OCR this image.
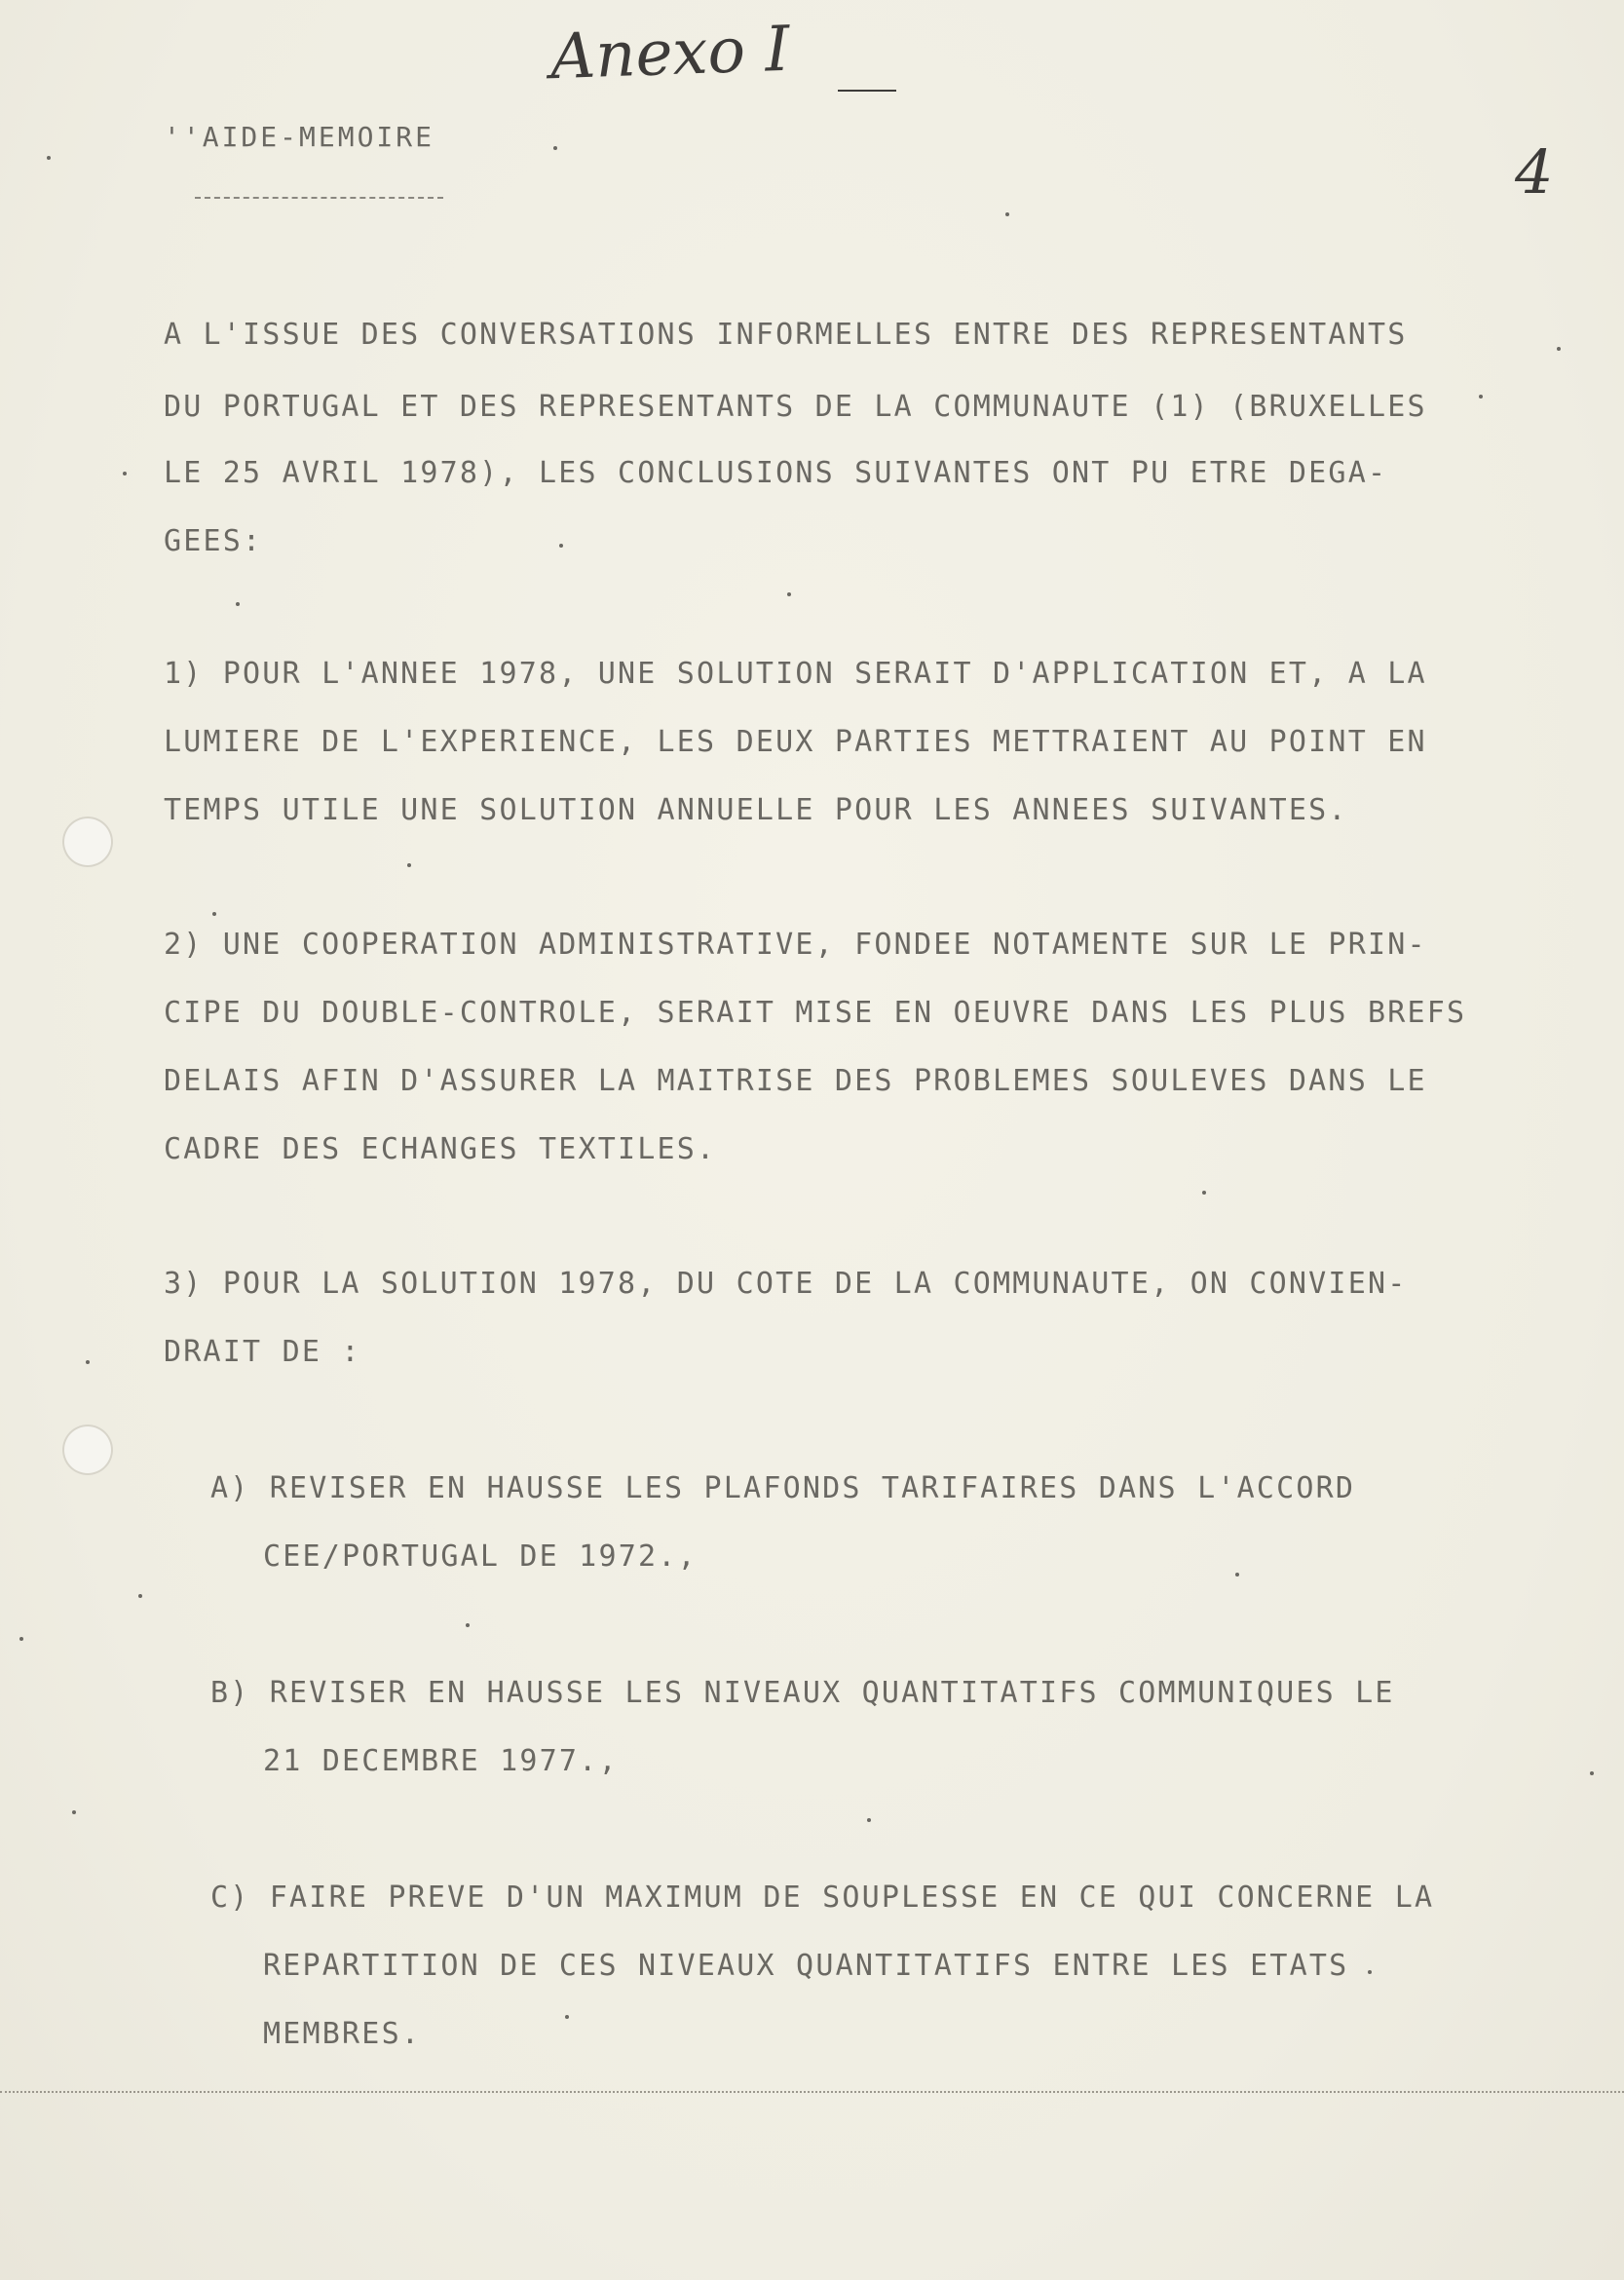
Anexo I
4
''AIDE-MEMOIRE
A L'ISSUE DES CONVERSATIONS INFORMELLES ENTRE DES REPRESENTANTS
DU PORTUGAL ET DES REPRESENTANTS DE LA COMMUNAUTE (1) (BRUXELLES
LE 25 AVRIL 1978), LES CONCLUSIONS SUIVANTES ONT PU ETRE DEGA-
GEES:
1) POUR L'ANNEE 1978, UNE SOLUTION SERAIT D'APPLICATION ET, A LA
LUMIERE DE L'EXPERIENCE, LES DEUX PARTIES METTRAIENT AU POINT EN
TEMPS UTILE UNE SOLUTION ANNUELLE POUR LES ANNEES SUIVANTES.
2) UNE COOPERATION ADMINISTRATIVE, FONDEE NOTAMENTE SUR LE PRIN-
CIPE DU DOUBLE-CONTROLE, SERAIT MISE EN OEUVRE DANS LES PLUS BREFS
DELAIS AFIN D'ASSURER LA MAITRISE DES PROBLEMES SOULEVES DANS LE
CADRE DES ECHANGES TEXTILES.
3) POUR LA SOLUTION 1978, DU COTE DE LA COMMUNAUTE, ON CONVIEN-
DRAIT DE :
A) REVISER EN HAUSSE LES PLAFONDS TARIFAIRES DANS L'ACCORD
CEE/PORTUGAL DE 1972.,
B) REVISER EN HAUSSE LES NIVEAUX QUANTITATIFS COMMUNIQUES LE
21 DECEMBRE 1977.,
C) FAIRE PREVE D'UN MAXIMUM DE SOUPLESSE EN CE QUI CONCERNE LA
REPARTITION DE CES NIVEAUX QUANTITATIFS ENTRE LES ETATS
MEMBRES.
